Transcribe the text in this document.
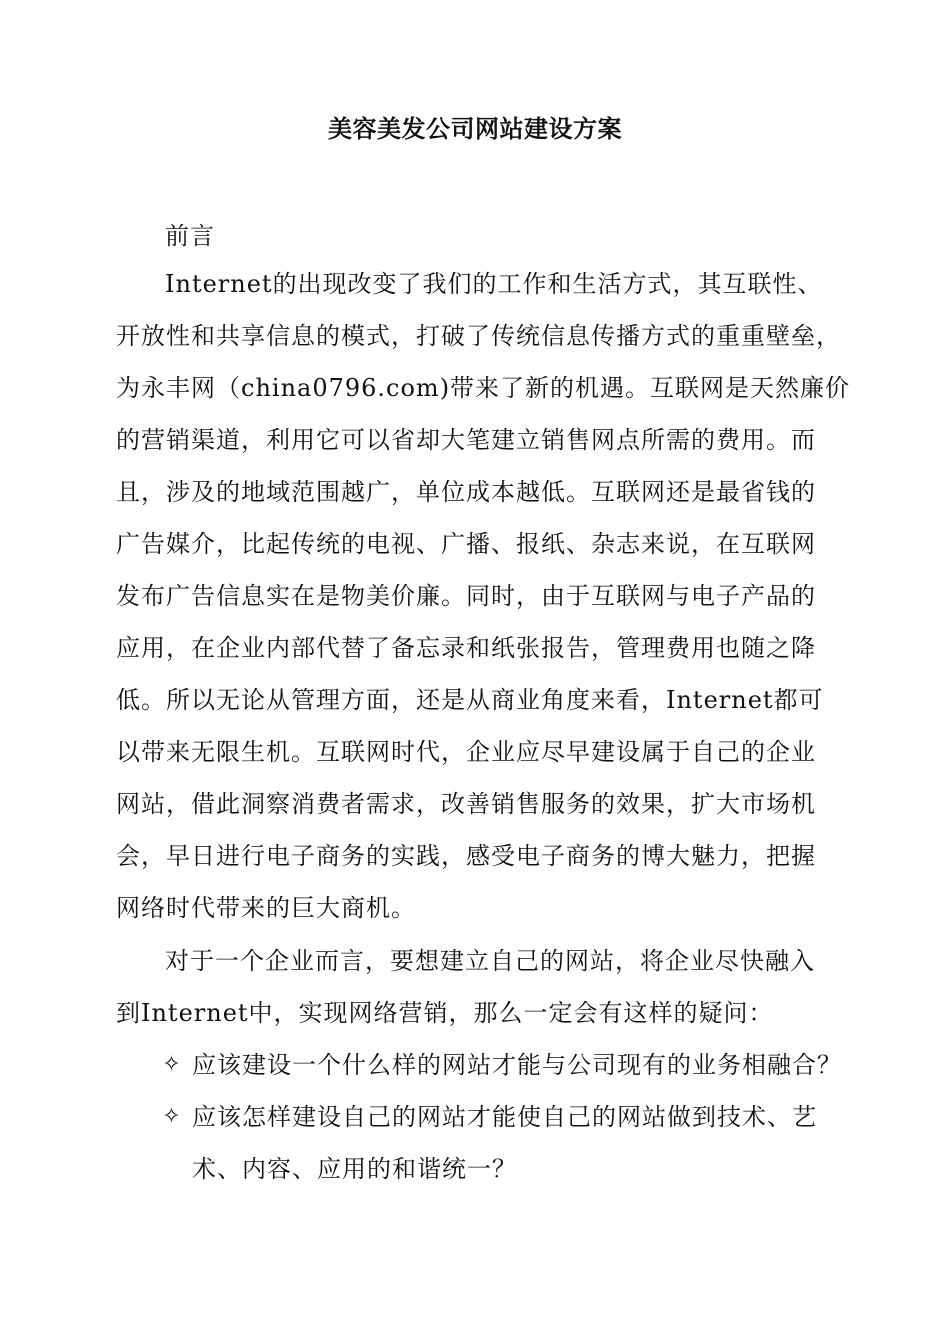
美容美发公司网站建设方案
前言
Internet的出现改变了我们的工作和生活方式，其互联性、
开放性和共享信息的模式，打破了传统信息传播方式的重重壁垒，
为永丰网（china0796.com)带来了新的机遇。互联网是天然廉价
的营销渠道，利用它可以省却大笔建立销售网点所需的费用。而
且，涉及的地域范围越广，单位成本越低。互联网还是最省钱的
广告媒介，比起传统的电视、广播、报纸、杂志来说，在互联网
发布广告信息实在是物美价廉。同时，由于互联网与电子产品的
应用，在企业内部代替了备忘录和纸张报告，管理费用也随之降
低。所以无论从管理方面，还是从商业角度来看，Internet都可
以带来无限生机。互联网时代，企业应尽早建设属于自己的企业
网站，借此洞察消费者需求，改善销售服务的效果，扩大市场机
会，早日进行电子商务的实践，感受电子商务的博大魅力，把握
网络时代带来的巨大商机。
对于一个企业而言，要想建立自己的网站，将企业尽快融入
到Internet中，实现网络营销，那么一定会有这样的疑问：
✧ 应该建设一个什么样的网站才能与公司现有的业务相融合？
✧ 应该怎样建设自己的网站才能使自己的网站做到技术、艺
术、内容、应用的和谐统一？
